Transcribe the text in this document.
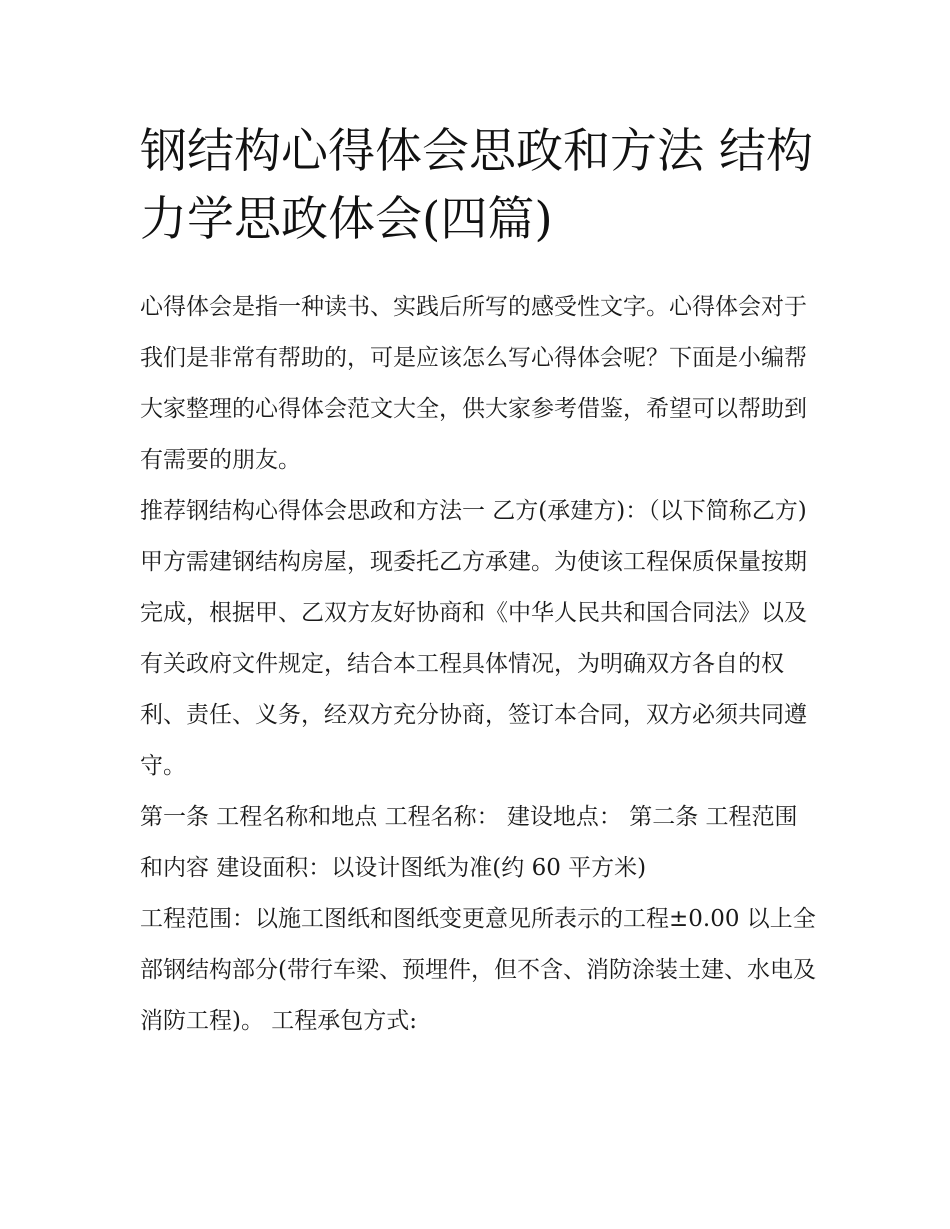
钢结构心得体会思政和方法 结构力学思政体会(四篇)

心得体会是指一种读书、实践后所写的感受性文字。心得体会对于我们是非常有帮助的，可是应该怎么写心得体会呢？下面是小编帮大家整理的心得体会范文大全，供大家参考借鉴，希望可以帮助到有需要的朋友。

推荐钢结构心得体会思政和方法一 乙方(承建方)：（以下简称乙方)

甲方需建钢结构房屋，现委托乙方承建。为使该工程保质保量按期完成，根据甲、乙双方友好协商和《中华人民共和国合同法》以及有关政府文件规定，结合本工程具体情况，为明确双方各自的权利、责任、义务，经双方充分协商，签订本合同，双方必须共同遵守。

第一条 工程名称和地点 工程名称： 建设地点： 第二条 工程范围和内容 建设面积：以设计图纸为准(约 60 平方米)

工程范围：以施工图纸和图纸变更意见所表示的工程±0.00 以上全部钢结构部分(带行车梁、预埋件，但不含、消防涂装土建、水电及消防工程)。 工程承包方式:
